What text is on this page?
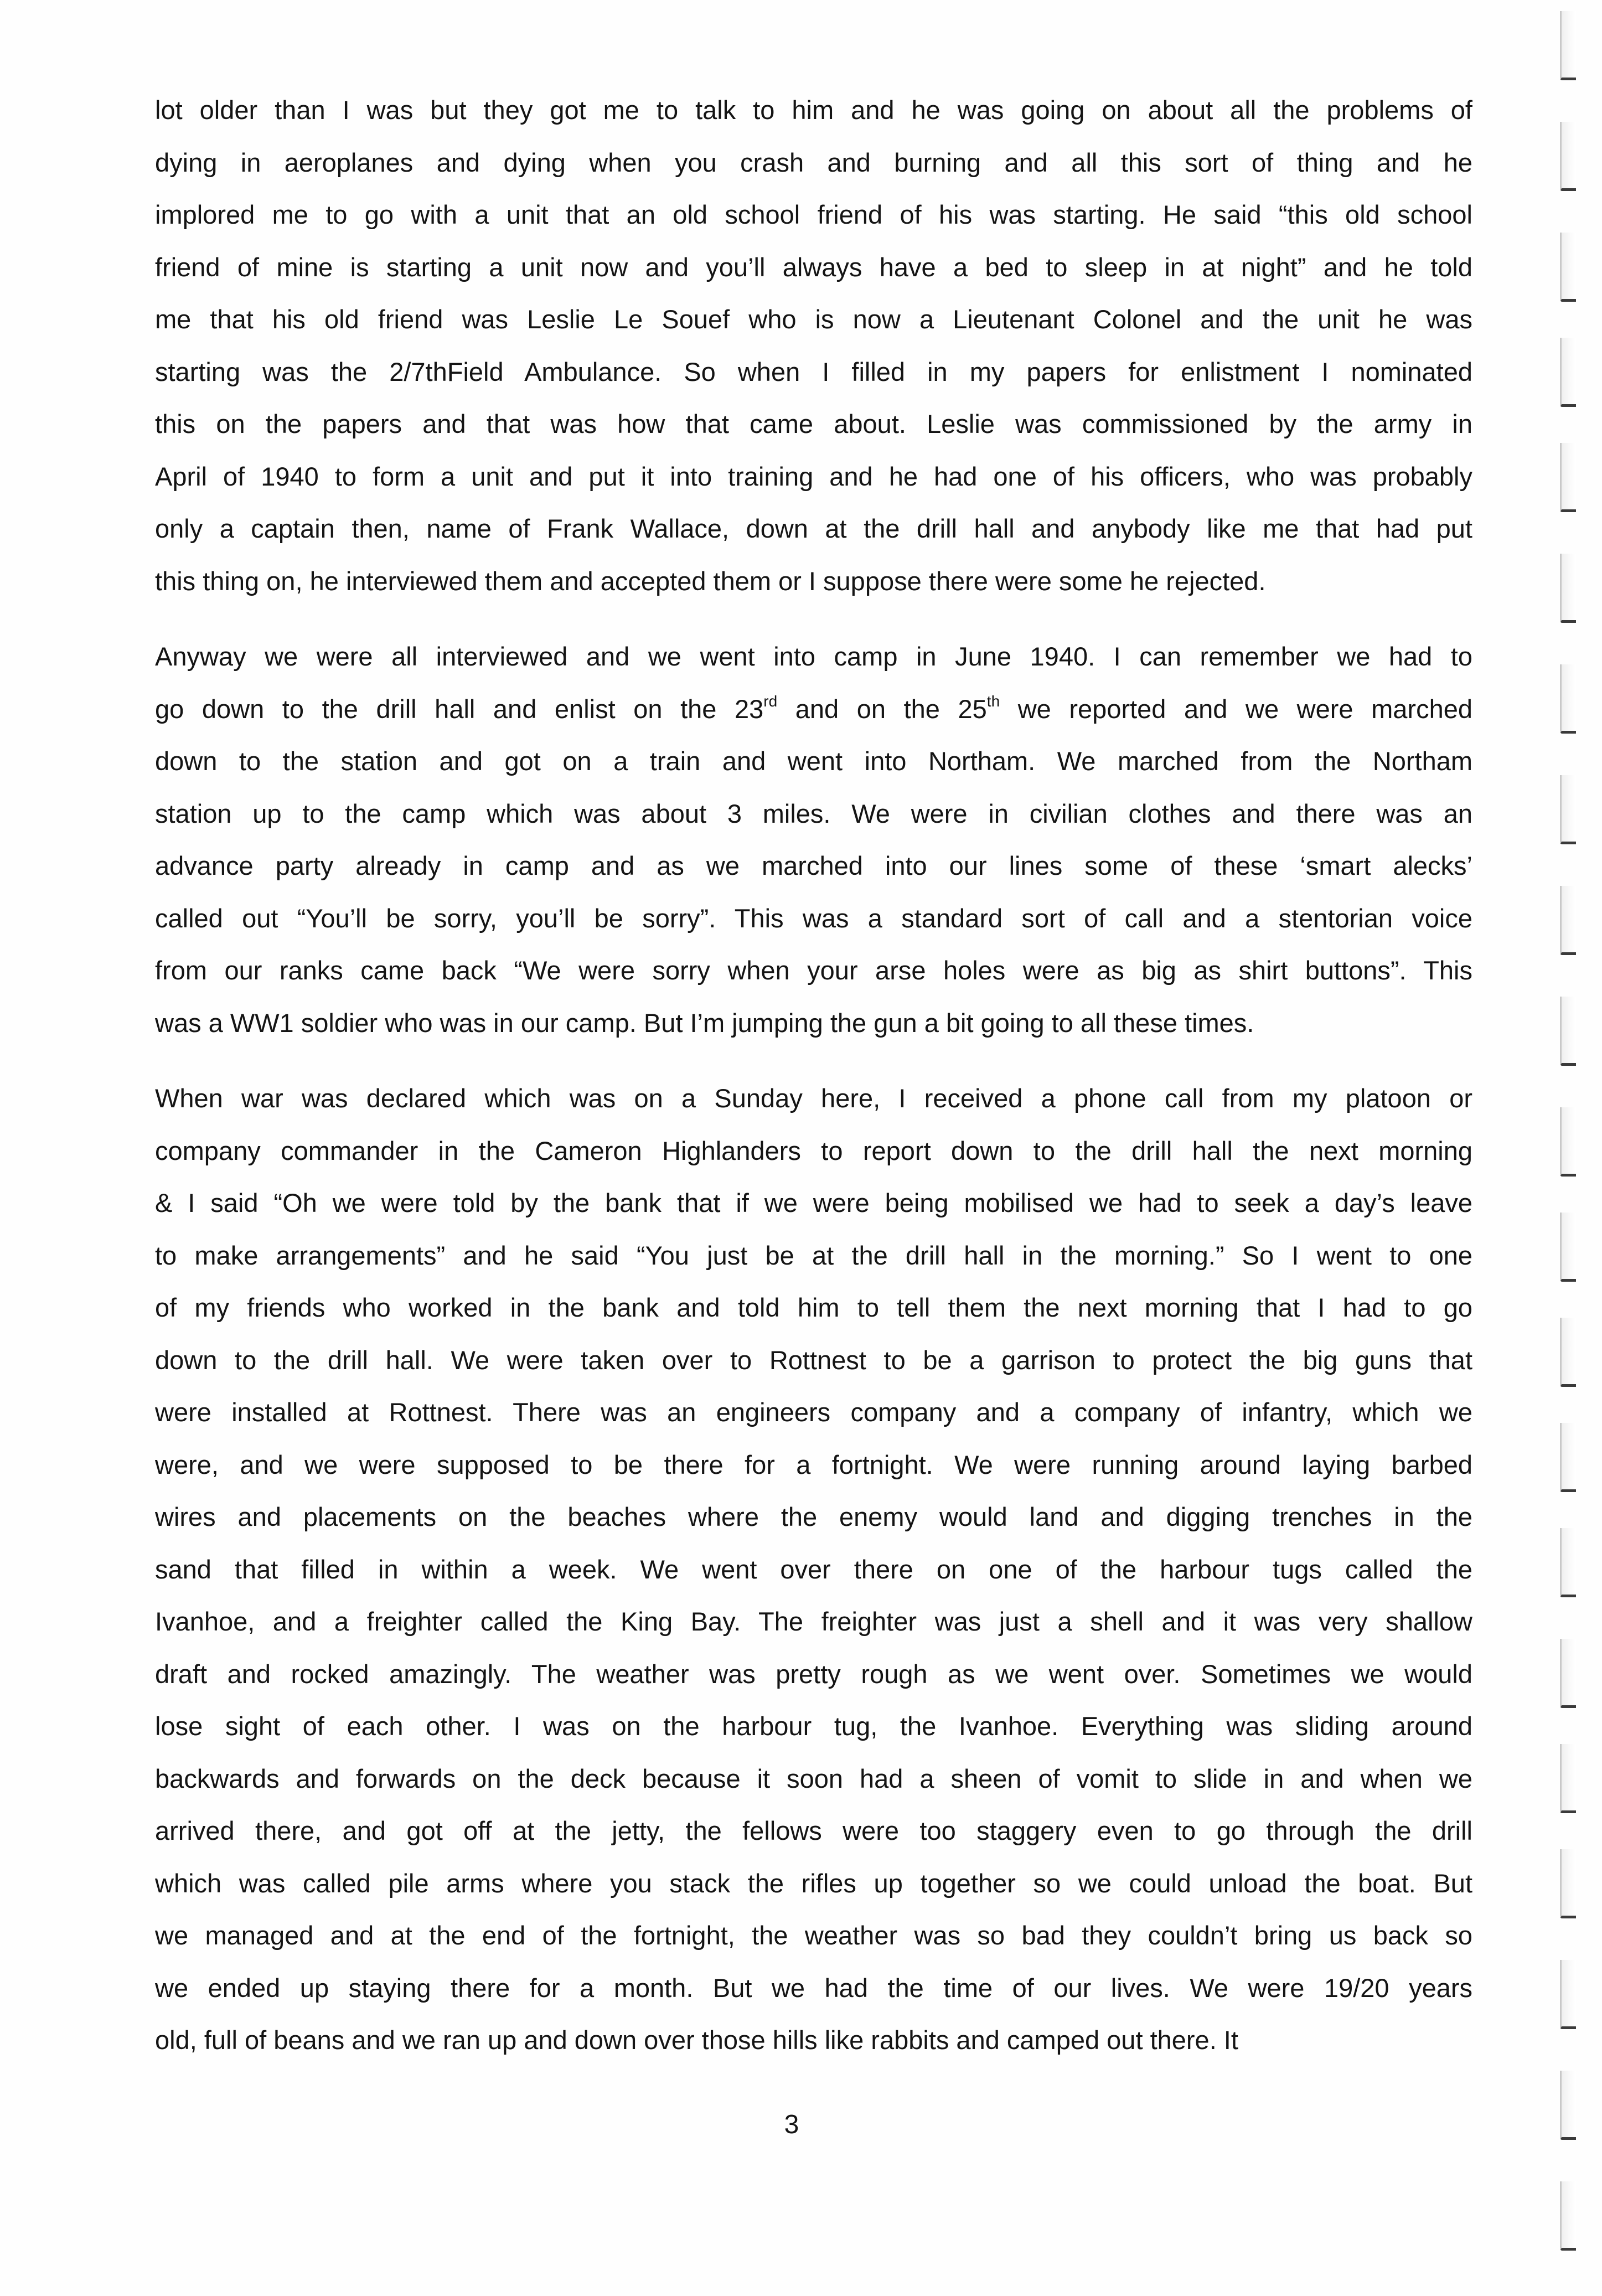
lot older than I was but they got me to talk to him and he was going on about all the problems of
dying in aeroplanes and dying when you crash and burning and all this sort of thing and he
implored me to go with a unit that an old school friend of his was starting. He said “this old school
friend of mine is starting a unit now and you’ll always have a bed to sleep in at night” and he told
me that his old friend was Leslie Le Souef who is now a Lieutenant Colonel and the unit he was
starting was the 2/7thField Ambulance. So when I filled in my papers for enlistment I nominated
this on the papers and that was how that came about. Leslie was commissioned by the army in
April of 1940 to form a unit and put it into training and he had one of his officers, who was probably
only a captain then, name of Frank Wallace, down at the drill hall and anybody like me that had put
this thing on, he interviewed them and accepted them or I suppose there were some he rejected.
Anyway we were all interviewed and we went into camp in June 1940. I can remember we had to
go down to the drill hall and enlist on the 23rd and on the 25th we reported and we were marched
down to the station and got on a train and went into Northam. We marched from the Northam
station up to the camp which was about 3 miles. We were in civilian clothes and there was an
advance party already in camp and as we marched into our lines some of these ‘smart alecks’
called out “You’ll be sorry, you’ll be sorry”. This was a standard sort of call and a stentorian voice
from our ranks came back “We were sorry when your arse holes were as big as shirt buttons”. This
was a WW1 soldier who was in our camp. But I’m jumping the gun a bit going to all these times.
When war was declared which was on a Sunday here, I received a phone call from my platoon or
company commander in the Cameron Highlanders to report down to the drill hall the next morning
& I said “Oh we were told by the bank that if we were being mobilised we had to seek a day’s leave
to make arrangements” and he said “You just be at the drill hall in the morning.” So I went to one
of my friends who worked in the bank and told him to tell them the next morning that I had to go
down to the drill hall. We were taken over to Rottnest to be a garrison to protect the big guns that
were installed at Rottnest. There was an engineers company and a company of infantry, which we
were, and we were supposed to be there for a fortnight. We were running around laying barbed
wires and placements on the beaches where the enemy would land and digging trenches in the
sand that filled in within a week. We went over there on one of the harbour tugs called the
Ivanhoe, and a freighter called the King Bay. The freighter was just a shell and it was very shallow
draft and rocked amazingly. The weather was pretty rough as we went over. Sometimes we would
lose sight of each other. I was on the harbour tug, the Ivanhoe. Everything was sliding around
backwards and forwards on the deck because it soon had a sheen of vomit to slide in and when we
arrived there, and got off at the jetty, the fellows were too staggery even to go through the drill
which was called pile arms where you stack the rifles up together so we could unload the boat. But
we managed and at the end of the fortnight, the weather was so bad they couldn’t bring us back so
we ended up staying there for a month. But we had the time of our lives. We were 19/20 years
old, full of beans and we ran up and down over those hills like rabbits and camped out there. It
3
